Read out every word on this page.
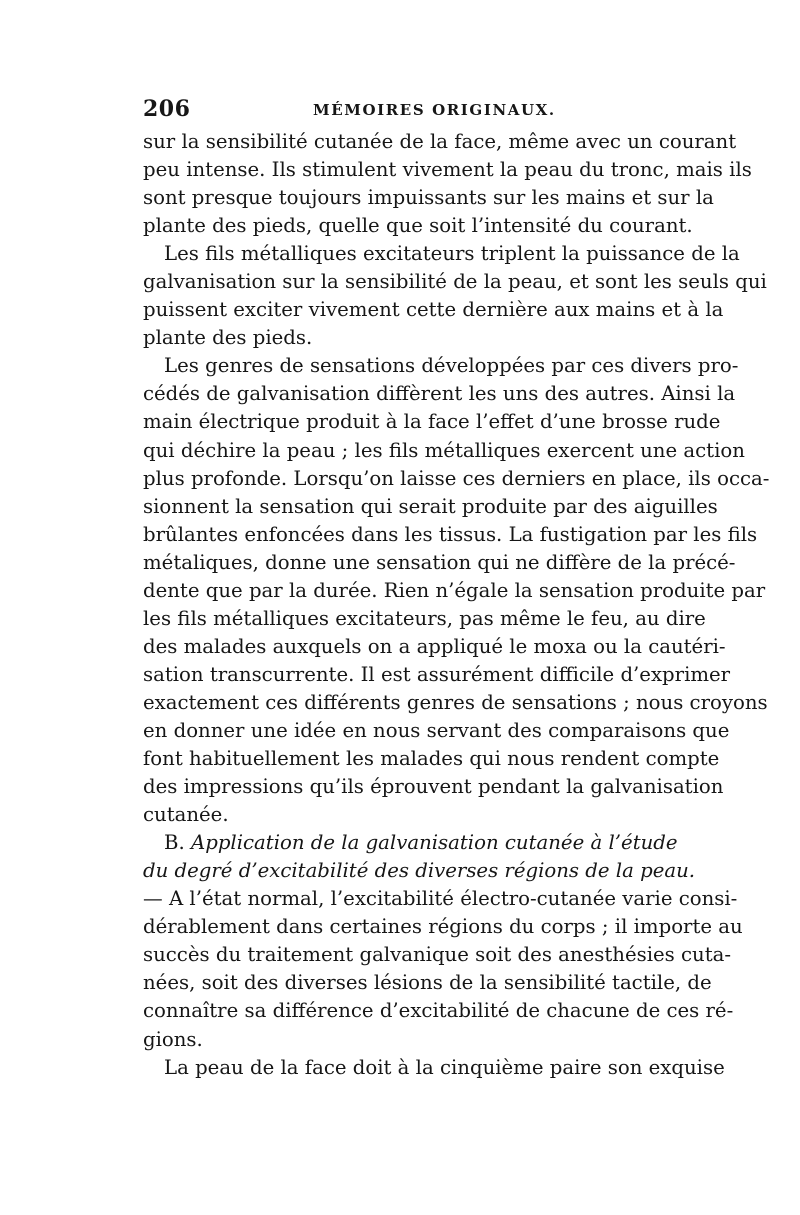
206	MÉMOIRES ORIGINAUX.
sur la sensibilité cutanée de la face, même avec un courant
peu intense. Ils stimulent vivement la peau du tronc, mais ils
sont presque toujours impuissants sur les mains et sur la
plante des pieds, quelle que soit l’intensité du courant.
Les fils métalliques excitateurs triplent la puissance de la
galvanisation sur la sensibilité de la peau, et sont les seuls qui
puissent exciter vivement cette dernière aux mains et à la
plante des pieds.
Les genres de sensations développées par ces divers pro-
cédés de galvanisation diffèrent les uns des autres. Ainsi la
main électrique produit à la face l’effet d’une brosse rude
qui déchire la peau ; les fils métalliques exercent une action
plus profonde. Lorsqu’on laisse ces derniers en place, ils occa-
sionnent la sensation qui serait produite par des aiguilles
brûlantes enfoncées dans les tissus. La fustigation par les fils
métaliques, donne une sensation qui ne diffère de la précé-
dente que par la durée. Rien n’égale la sensation produite par
les fils métalliques excitateurs, pas même le feu, au dire
des malades auxquels on a appliqué le moxa ou la cautéri-
sation transcurrente. Il est assurément difficile d’exprimer
exactement ces différents genres de sensations ; nous croyons
en donner une idée en nous servant des comparaisons que
font habituellement les malades qui nous rendent compte
des impressions qu’ils éprouvent pendant la galvanisation
cutanée.
B. Application de la galvanisation cutanée à l’étude
du degré d’excitabilité des diverses régions de la peau.
— A l’état normal, l’excitabilité électro-cutanée varie consi-
dérablement dans certaines régions du corps ; il importe au
succès du traitement galvanique soit des anesthésies cuta-
nées, soit des diverses lésions de la sensibilité tactile, de
connaître sa différence d’excitabilité de chacune de ces ré-
gions.
La peau de la face doit à la cinquième paire son exquise
